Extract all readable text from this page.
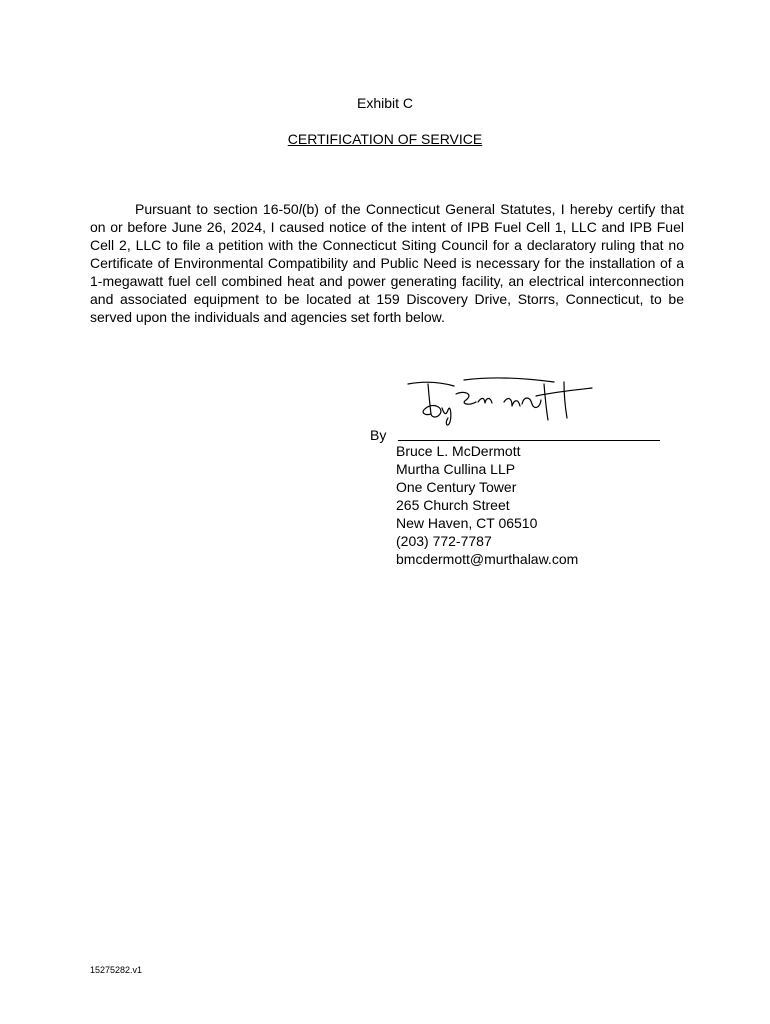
Exhibit C
CERTIFICATION OF SERVICE

Pursuant to section 16-50l(b) of the Connecticut General Statutes, I hereby certify that on or before June 26, 2024, I caused notice of the intent of IPB Fuel Cell 1, LLC and IPB Fuel Cell 2, LLC to file a petition with the Connecticut Siting Council for a declaratory ruling that no Certificate of Environmental Compatibility and Public Need is necessary for the installation of a 1-megawatt fuel cell combined heat and power generating facility, an electrical interconnection and associated equipment to be located at 159 Discovery Drive, Storrs, Connecticut, to be served upon the individuals and agencies set forth below.

By
Bruce L. McDermott
Murtha Cullina LLP
One Century Tower
265 Church Street
New Haven, CT 06510
(203) 772-7787
bmcdermott@murthalaw.com
15275282.v1
